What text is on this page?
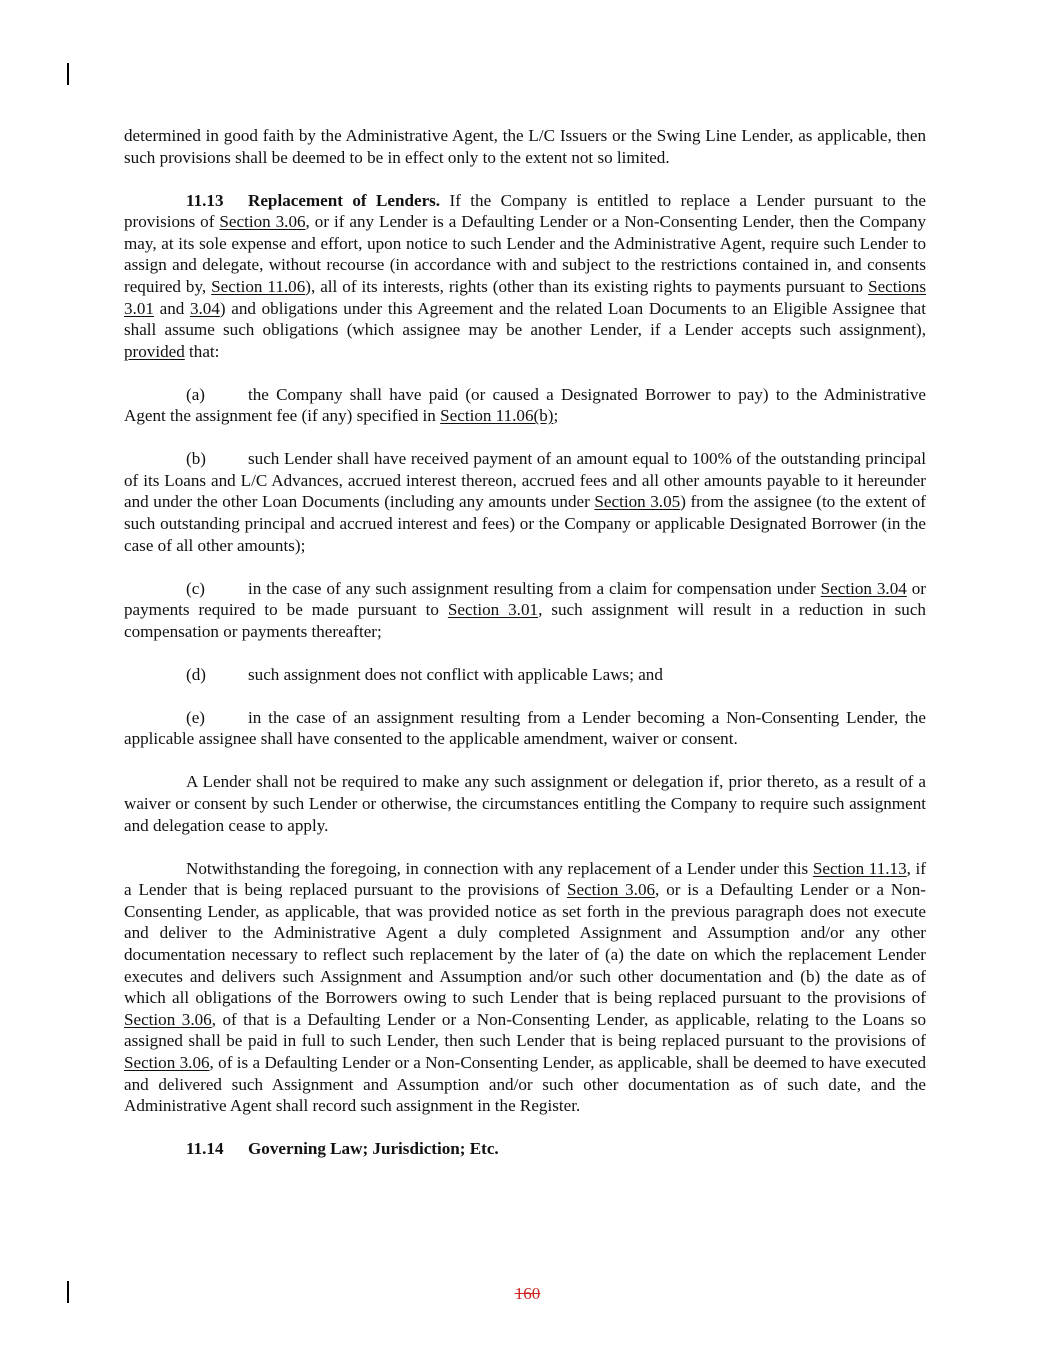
determined in good faith by the Administrative Agent, the L/C Issuers or the Swing Line Lender, as applicable, then such provisions shall be deemed to be in effect only to the extent not so limited.

11.13 Replacement of Lenders. If the Company is entitled to replace a Lender pursuant to the provisions of Section 3.06, or if any Lender is a Defaulting Lender or a Non-Consenting Lender, then the Company may, at its sole expense and effort, upon notice to such Lender and the Administrative Agent, require such Lender to assign and delegate, without recourse (in accordance with and subject to the restrictions contained in, and consents required by, Section 11.06), all of its interests, rights (other than its existing rights to payments pursuant to Sections 3.01 and 3.04) and obligations under this Agreement and the related Loan Documents to an Eligible Assignee that shall assume such obligations (which assignee may be another Lender, if a Lender accepts such assignment), provided that:

(a)	the Company shall have paid (or caused a Designated Borrower to pay) to the Administrative Agent the assignment fee (if any) specified in Section 11.06(b);

(b) such Lender shall have received payment of an amount equal to 100% of the outstanding principal of its Loans and L/C Advances, accrued interest thereon, accrued fees and all other amounts payable to it hereunder and under the other Loan Documents (including any amounts under Section 3.05) from the assignee (to the extent of such outstanding principal and accrued interest and fees) or the Company or applicable Designated Borrower (in the case of all other amounts);

(c)	in the case of any such assignment resulting from a claim for compensation under Section 3.04 or payments required to be made pursuant to Section 3.01, such assignment will result in a reduction in such compensation or payments thereafter;

(d) such assignment does not conflict with applicable Laws; and

(e)	in the case of an assignment resulting from a Lender becoming a Non-Consenting Lender, the applicable assignee shall have consented to the applicable amendment, waiver or consent.

A Lender shall not be required to make any such assignment or delegation if, prior thereto, as a result of a waiver or consent by such Lender or otherwise, the circumstances entitling the Company to require such assignment and delegation cease to apply.

Notwithstanding the foregoing, in connection with any replacement of a Lender under this Section 11.13, if a Lender that is being replaced pursuant to the provisions of Section 3.06, or is a Defaulting Lender or a Non-Consenting Lender, as applicable, that was provided notice as set forth in the previous paragraph does not execute and deliver to the Administrative Agent a duly completed Assignment and Assumption and/or any other documentation necessary to reflect such replacement by the later of (a) the date on which the replacement Lender executes and delivers such Assignment and Assumption and/or such other documentation and (b) the date as of which all obligations of the Borrowers owing to such Lender that is being replaced pursuant to the provisions of Section 3.06, of that is a Defaulting Lender or a Non-Consenting Lender, as applicable, relating to the Loans so assigned shall be paid in full to such Lender, then such Lender that is being replaced pursuant to the provisions of Section 3.06, of is a Defaulting Lender or a Non-Consenting Lender, as applicable, shall be deemed to have executed and delivered such Assignment and Assumption and/or such other documentation as of such date, and the Administrative Agent shall record such assignment in the Register.

11.14 Governing Law; Jurisdiction; Etc.

160
